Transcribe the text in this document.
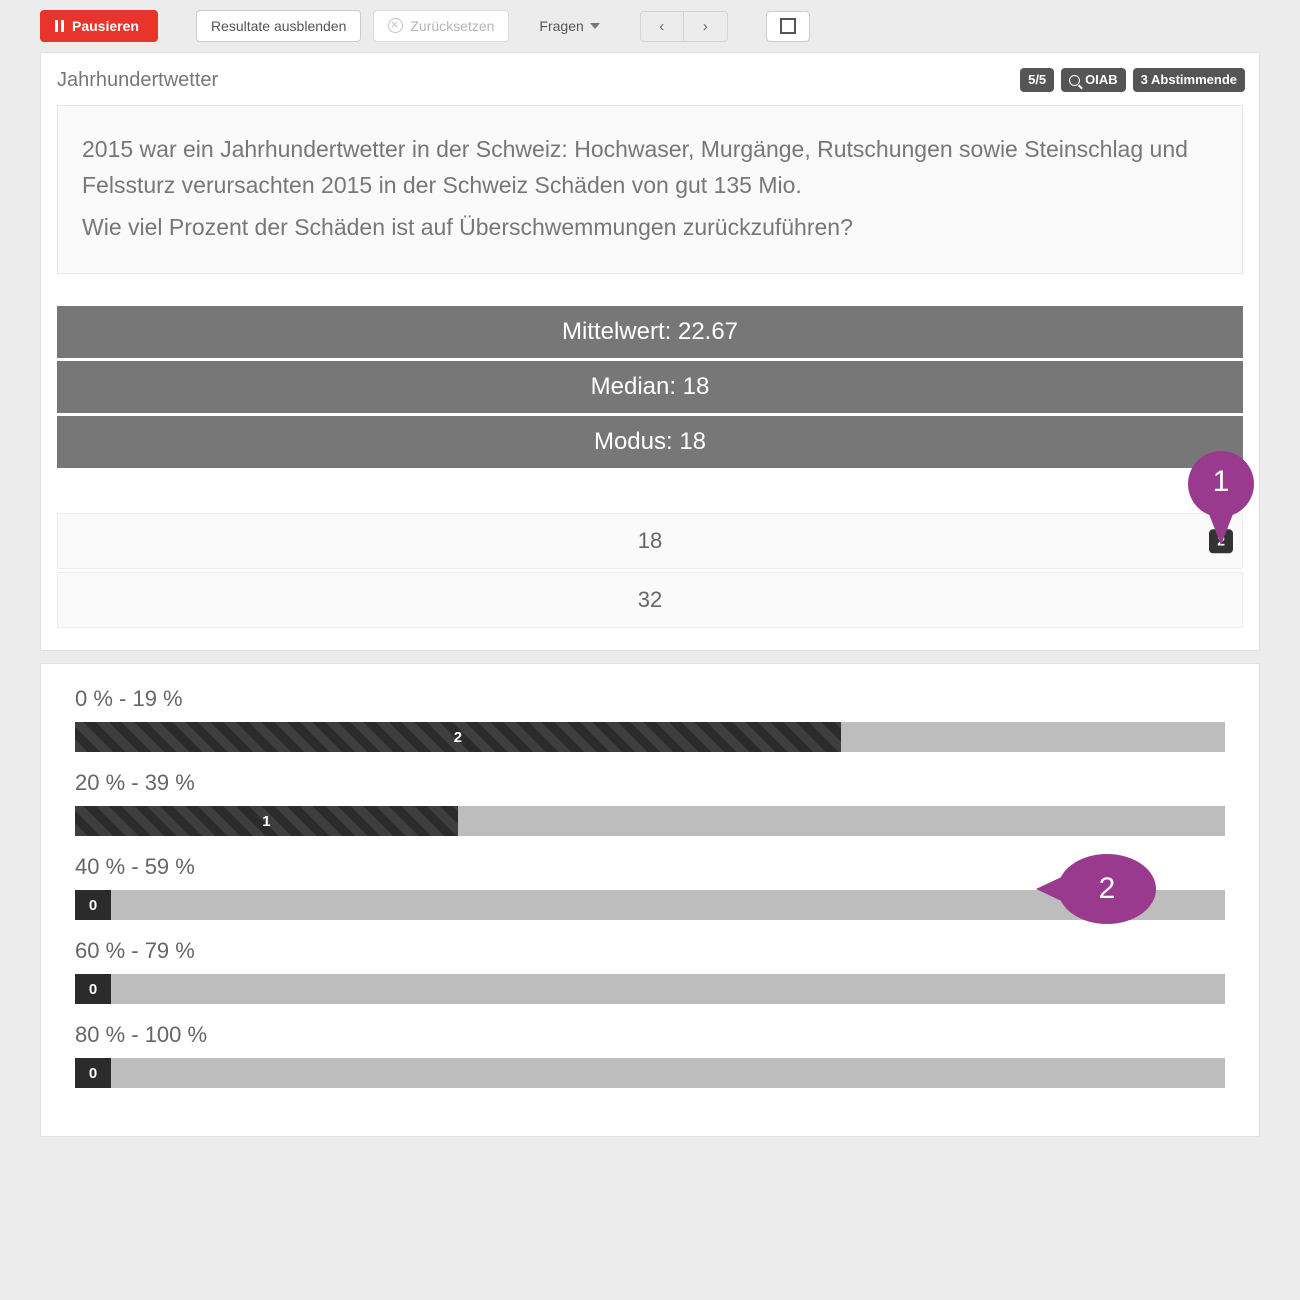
Pausieren	Resultate ausblenden	Zurücksetzen	Fragen	‹	›
Jahrhundertwetter	5/5	OIAB	3 Abstimmende

2015 war ein Jahrhundertwetter in der Schweiz: Hochwaser, Murgänge, Rutschungen sowie Steinschlag und Felssturz verursachten 2015 in der Schweiz Schäden von gut 135 Mio.

Wie viel Prozent der Schäden ist auf Überschwemmungen zurückzuführen?

Mittelwert: 22.67
Median: 18
Modus: 18
18	2
32
1
0 % - 19 %
2
20 % - 39 %
1
40 % - 59 %
0
60 % - 79 %
0
80 % - 100 %
0
2
